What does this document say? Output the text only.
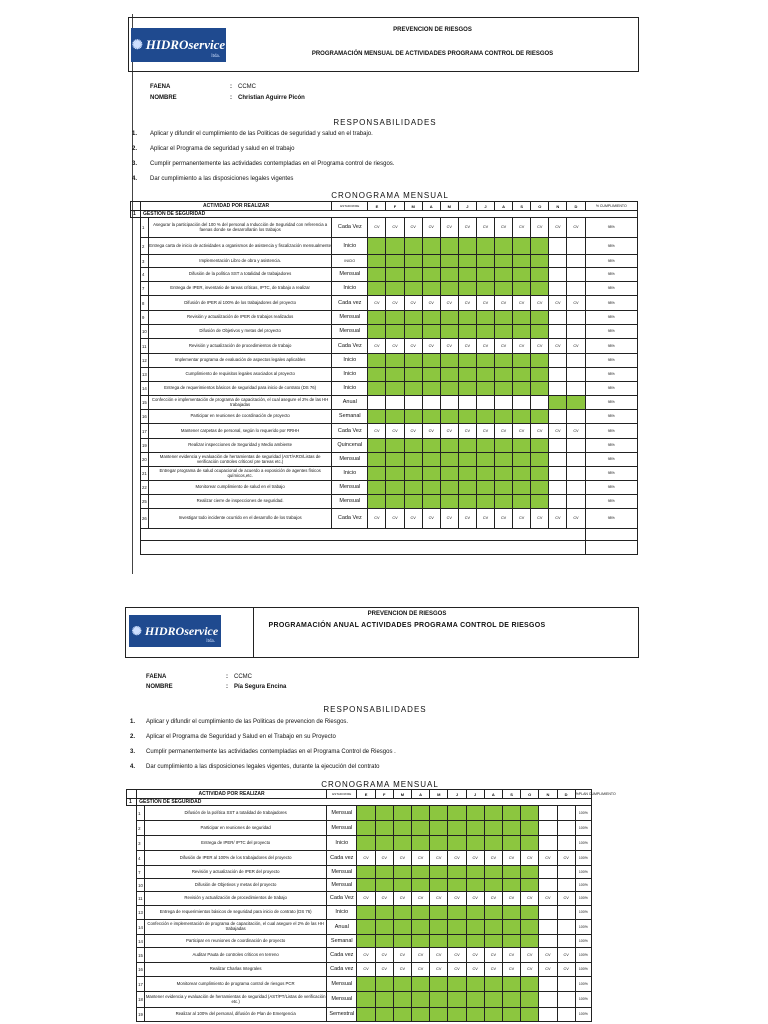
✺ HIDROservice
ltda.
PREVENCION DE RIESGOS
PROGRAMACIÓN MENSUAL DE ACTIVIDADES PROGRAMA CONTROL DE RIESGOS
FAENA	: CCMC
NOMBRE	: Christian Aguirre Picón
RESPONSABILIDADES
1. Aplicar y difundir el cumplimiento de las Politicas de seguridad y salud en el trabajo.
2. Aplicar el Programa de seguridad y salud en el trabajo
3. Cumplir permanentemente las actividades contempladas en el Programa control de riesgos.
4. Dar cumplimiento a las disposiciones legales vigentes
CRONOGRAMA MENSUAL
	ACTIVIDAD POR REALIZAR		ESTADO/FRE	E	F	M	A	M	J	J	A	S	O	N	D	% CUMPLIMIENTO
1	GESTION DE SEGURIDAD															
	1	Asegurar la participación del 100 % del personal a Inducción de Seguridad con referencia a faenas donde se desarrollarán los trabajos	Cada Vez	CV	CV	CV	CV	CV	CV	CV	CV	CV	CV	CV	CV	98%
	2	Entrega carta de inicio de actividades a organismos de asistencia y fiscalización mensualmente	Inicio													98%
	3	Implementación Libro de obra y asistencia.	INICIO													98%
	4	Difusión de la política SST a totalidad de trabajadores	Mensual													98%
	7	Entrega de IPER, inventario de tareas críticas, IPTC, de trabajo a realizar	Inicio													98%
	8	Difusión de IPER al 100% de los trabajadores del proyecto	Cada vez	CV	CV	CV	CV	CV	CV	CV	CV	CV	CV	CV	CV	98%
	9	Revisión y actualización de IPER de trabajos realizados	Mensual													98%
	10	Difusión de Objetivos y metas del proyecto	Mensual													98%
	11	Revisión y actualización de procedimientos de trabajo	Cada Vez	CV	CV	CV	CV	CV	CV	CV	CV	CV	CV	CV	CV	98%
	12	Implementar programa de evaluación de aspectos legales aplicables	Inicio													98%
	13	Cumplimiento de requisitos legales asociados al proyecto	Inicio													98%
	14	Entrega de requerimientos básicos de seguridad para inicio de contrato (DS 76)	Inicio													98%
	15	Confección e implementación de programa de capacitación, el cual asegure el 2% de las HH trabajadas	Anual													98%
	16	Participar en reuniones de coordinación de proyecto	Semanal													98%
	17	Mantener carpetas de personal, según lo requerido por RRHH	Cada Vez	CV	CV	CV	CV	CV	CV	CV	CV	CV	CV	CV	CV	98%
	19	Realizar inspecciones de Seguridad y Medio ambiente	Quincenal													98%
	20	Mantener evidencia y evaluación de herramientas de seguridad (AST/ARO/Listas de verificación controles críticos/ pre tareas etc.)	Mensual													98%
	21	Entregar programa de salud ocupacional de acuerdo a exposición de agentes físicos químicos,etc.	Inicio													98%
	22	Monitorear cumplimiento de salud en el trabajo	Mensual													98%
	25	Realizar cierre de inspecciones de seguridad.	Mensual													98%
	26	Investigar todo incidente ocurrido en el desarrollo de los trabajos	Cada Vez	CV	CV	CV	CV	CV	CV	CV	CV	CV	CV	CV	CV	98%

✺ HIDROservice
ltda.
PREVENCION DE RIESGOS
PROGRAMACIÓN ANUAL ACTIVIDADES PROGRAMA CONTROL DE RIESGOS
FAENA	: CCMC
NOMBRE	: Pía Segura Encina
RESPONSABILIDADES
1. Aplicar y difundir el cumplimiento de las Politicas de prevencion de Riesgos.
2. Aplicar el Programa de Seguridad y Salud en el Trabajo en su Proyecto
3. Cumplir permanentemente las actividades contempladas en el Programa Control de Riesgos .
4. Dar cumplimiento a las disposiciones legales vigentes, durante la ejecución del contrato
CRONOGRAMA MENSUAL
	ACTIVIDAD POR REALIZAR		ESTADO/FRE	E	F	M	A	M	J	J	A	S	O	N	D	%PLAN CUMPLIMIENTO
1	GESTION DE SEGURIDAD															
	1	Difusión de la política SST a totalidad de trabajadores	Mensual													100%
	2	Participar en reuniones de seguridad	Mensual													100%
	3	Entrega de IPER/ IPTC del proyecto	Inicio													100%
	4	Difusión de IPER al 100% de los trabajadores del proyecto	Cada vez	CV	CV	CV	CV	CV	CV	CV	CV	CV	CV	CV	CV	100%
	7	Revisión y actualización de IPER del proyecto	Mensual													100%
	10	Difusión de Objetivos y metas del proyecto	Mensual													100%
	11	Revisión y actualización de procedimientos de trabajo	Cada Vez	CV	CV	CV	CV	CV	CV	CV	CV	CV	CV	CV	CV	100%
	13	Entrega de requerimientos básicos de seguridad para inicio de contrato (DS 76)	Inicio													100%
	14	Confección e implementación de programa de capacitación, el cual asegure el 2% de las HH trabajadas	Anual													100%
	14	Participar en reuniones de coordinación de proyecto	Semanal													100%
	15	Auditar Pauta de controles críticos en terreno	Cada vez	CV	CV	CV	CV	CV	CV	CV	CV	CV	CV	CV	CV	100%
	16	Realizar Charlas Integrales	Cada vez	CV	CV	CV	CV	CV	CV	CV	CV	CV	CV	CV	CV	100%
	17	Monitorear cumplimiento de programa control de riesgos PCR	Mensual													100%
	18	Mantener evidencia y evaluación de herramientas de seguridad (AST/PT/Listas de verificación etc.)	Mensual													100%
	19	Realizar al 100% del personal, difusión de Plan de Emergencia	Semestral													100%
